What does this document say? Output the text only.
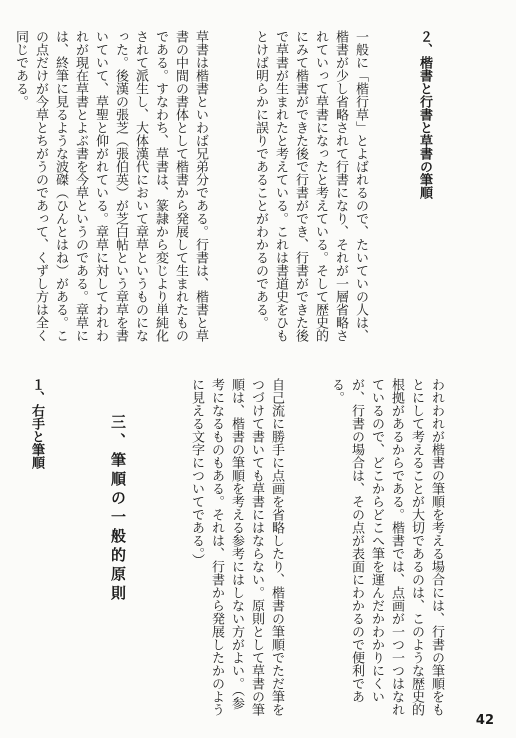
２、楷書と行書と草書の筆順

一般に「楷行草」とよばれるので、たいていの人は、楷書が少し省略されて行書になり、それが一層省略されていって草書になったと考えている。そして歴史的にみて楷書ができた後で行書ができ、行書ができた後で草書が生まれたと考えている。これは書道史をひもとけば明らかに誤りであることがわかるのである。

草書は楷書といわば兄弟分である。行書は、楷書と草書の中間の書体として楷書から発展して生まれたものである。すなわち、草書は、篆隷から変じより単純化されて派生し、大体漢代において章草というものになった。後漢の張芝（張伯英）が芝白帖という章草を書いていて、草聖と仰がれている。章草に対してわれわれが現在草書とよぶ書を今草というのである。章草には、終筆に見るような波磔（ひんとはね）がある。この点だけが今草とちがうのであって、くずし方は全く同じである。

われわれが楷書の筆順を考える場合には、行書の筆順をもとにして考えることが大切であるのは、このような歴史的根拠があるからである。楷書では、点画が一つ一つはなれているので、どこからどこへ筆を運んだかわかりにくいが、行書の場合は、その点が表面にわかるので便利である。

自己流に勝手に点画を省略したり、楷書の筆順でただ筆をつづけて書いても草書にはならない。原則として草書の筆順は、楷書の筆順を考える参考にはしない方がよい。（参考になるものもある。それは、行書から発展したかのように見える文字についてである。）

三、筆順の一般的原則

１、右手と筆順

42
